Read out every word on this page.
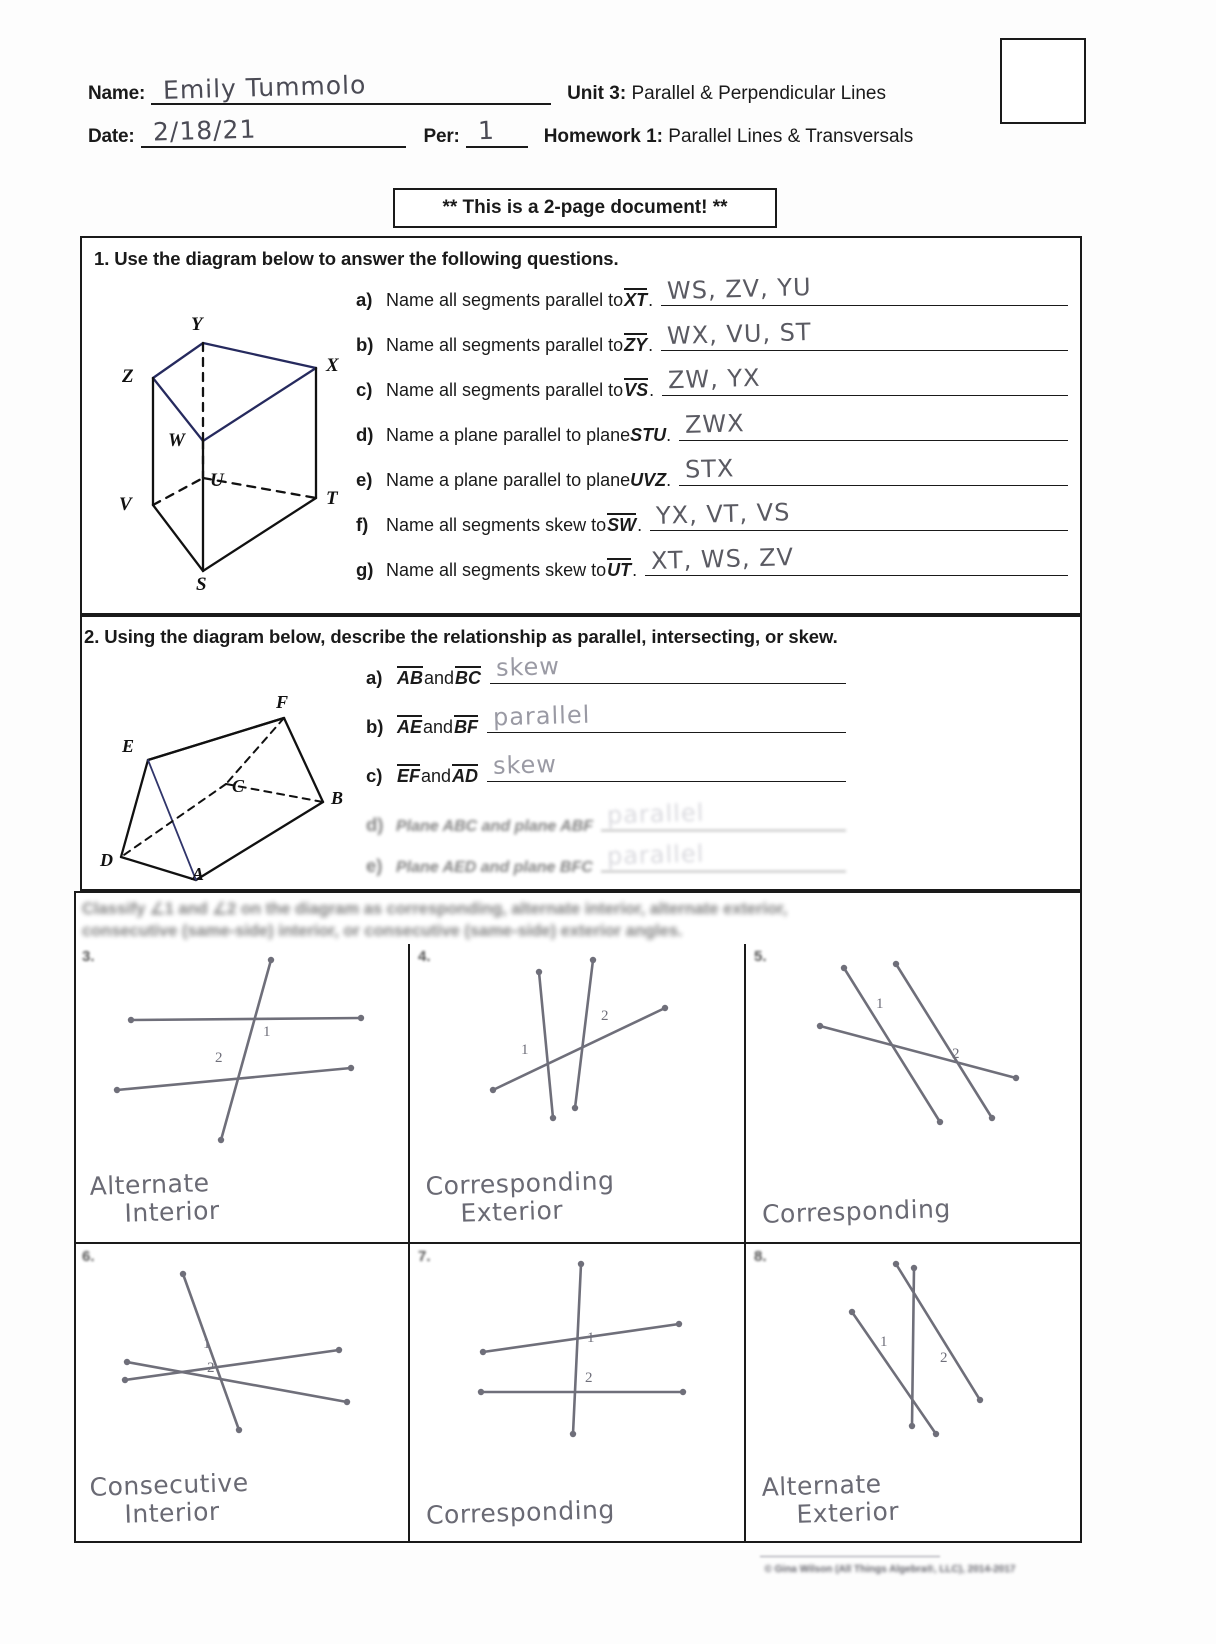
Name: Emily Tummolo	Unit 3: Parallel & Perpendicular Lines
Date: 2/18/21	Per: 1	Homework 1: Parallel Lines & Transversals
** This is a 2-page document! **
1. Use the diagram below to answer the following questions.
Y
Z
X
W
U
V	T
S
a) Name all segments parallel to XT . WS, ZV, YU
b) Name all segments parallel to ZY . WX, VU, ST
c) Name all segments parallel to VS . ZW, YX
d) Name a plane parallel to plane STU . ZWX
e) Name a plane parallel to plane UVZ . STX
f) Name all segments skew to SW . YX, VT, VS
g) Name all segments skew to UT . XT, WS, ZV
2. Using the diagram below, describe the relationship as parallel, intersecting, or skew.
F
E
C
D
B
A
a) AB and BC skew
b) AE and BF parallel
c) EF and AD skew
d) Plane ABC and plane ABF parallel
e) Plane AED and plane BFC parallel
Classify ∠1 and ∠2 on the diagram as corresponding, alternate interior, alternate exterior, consecutive (same-side) interior, or consecutive (same-side) exterior angles.
3.
1
2
Alternate
Interior
4.
1
2
Corresponding
Exterior
5.
1
2
Corresponding
6.
1
2
Consecutive
Interior
7.
1
2
Corresponding
8.
1
2
Alternate
Exterior
© Gina Wilson (All Things Algebra®, LLC), 2014-2017
